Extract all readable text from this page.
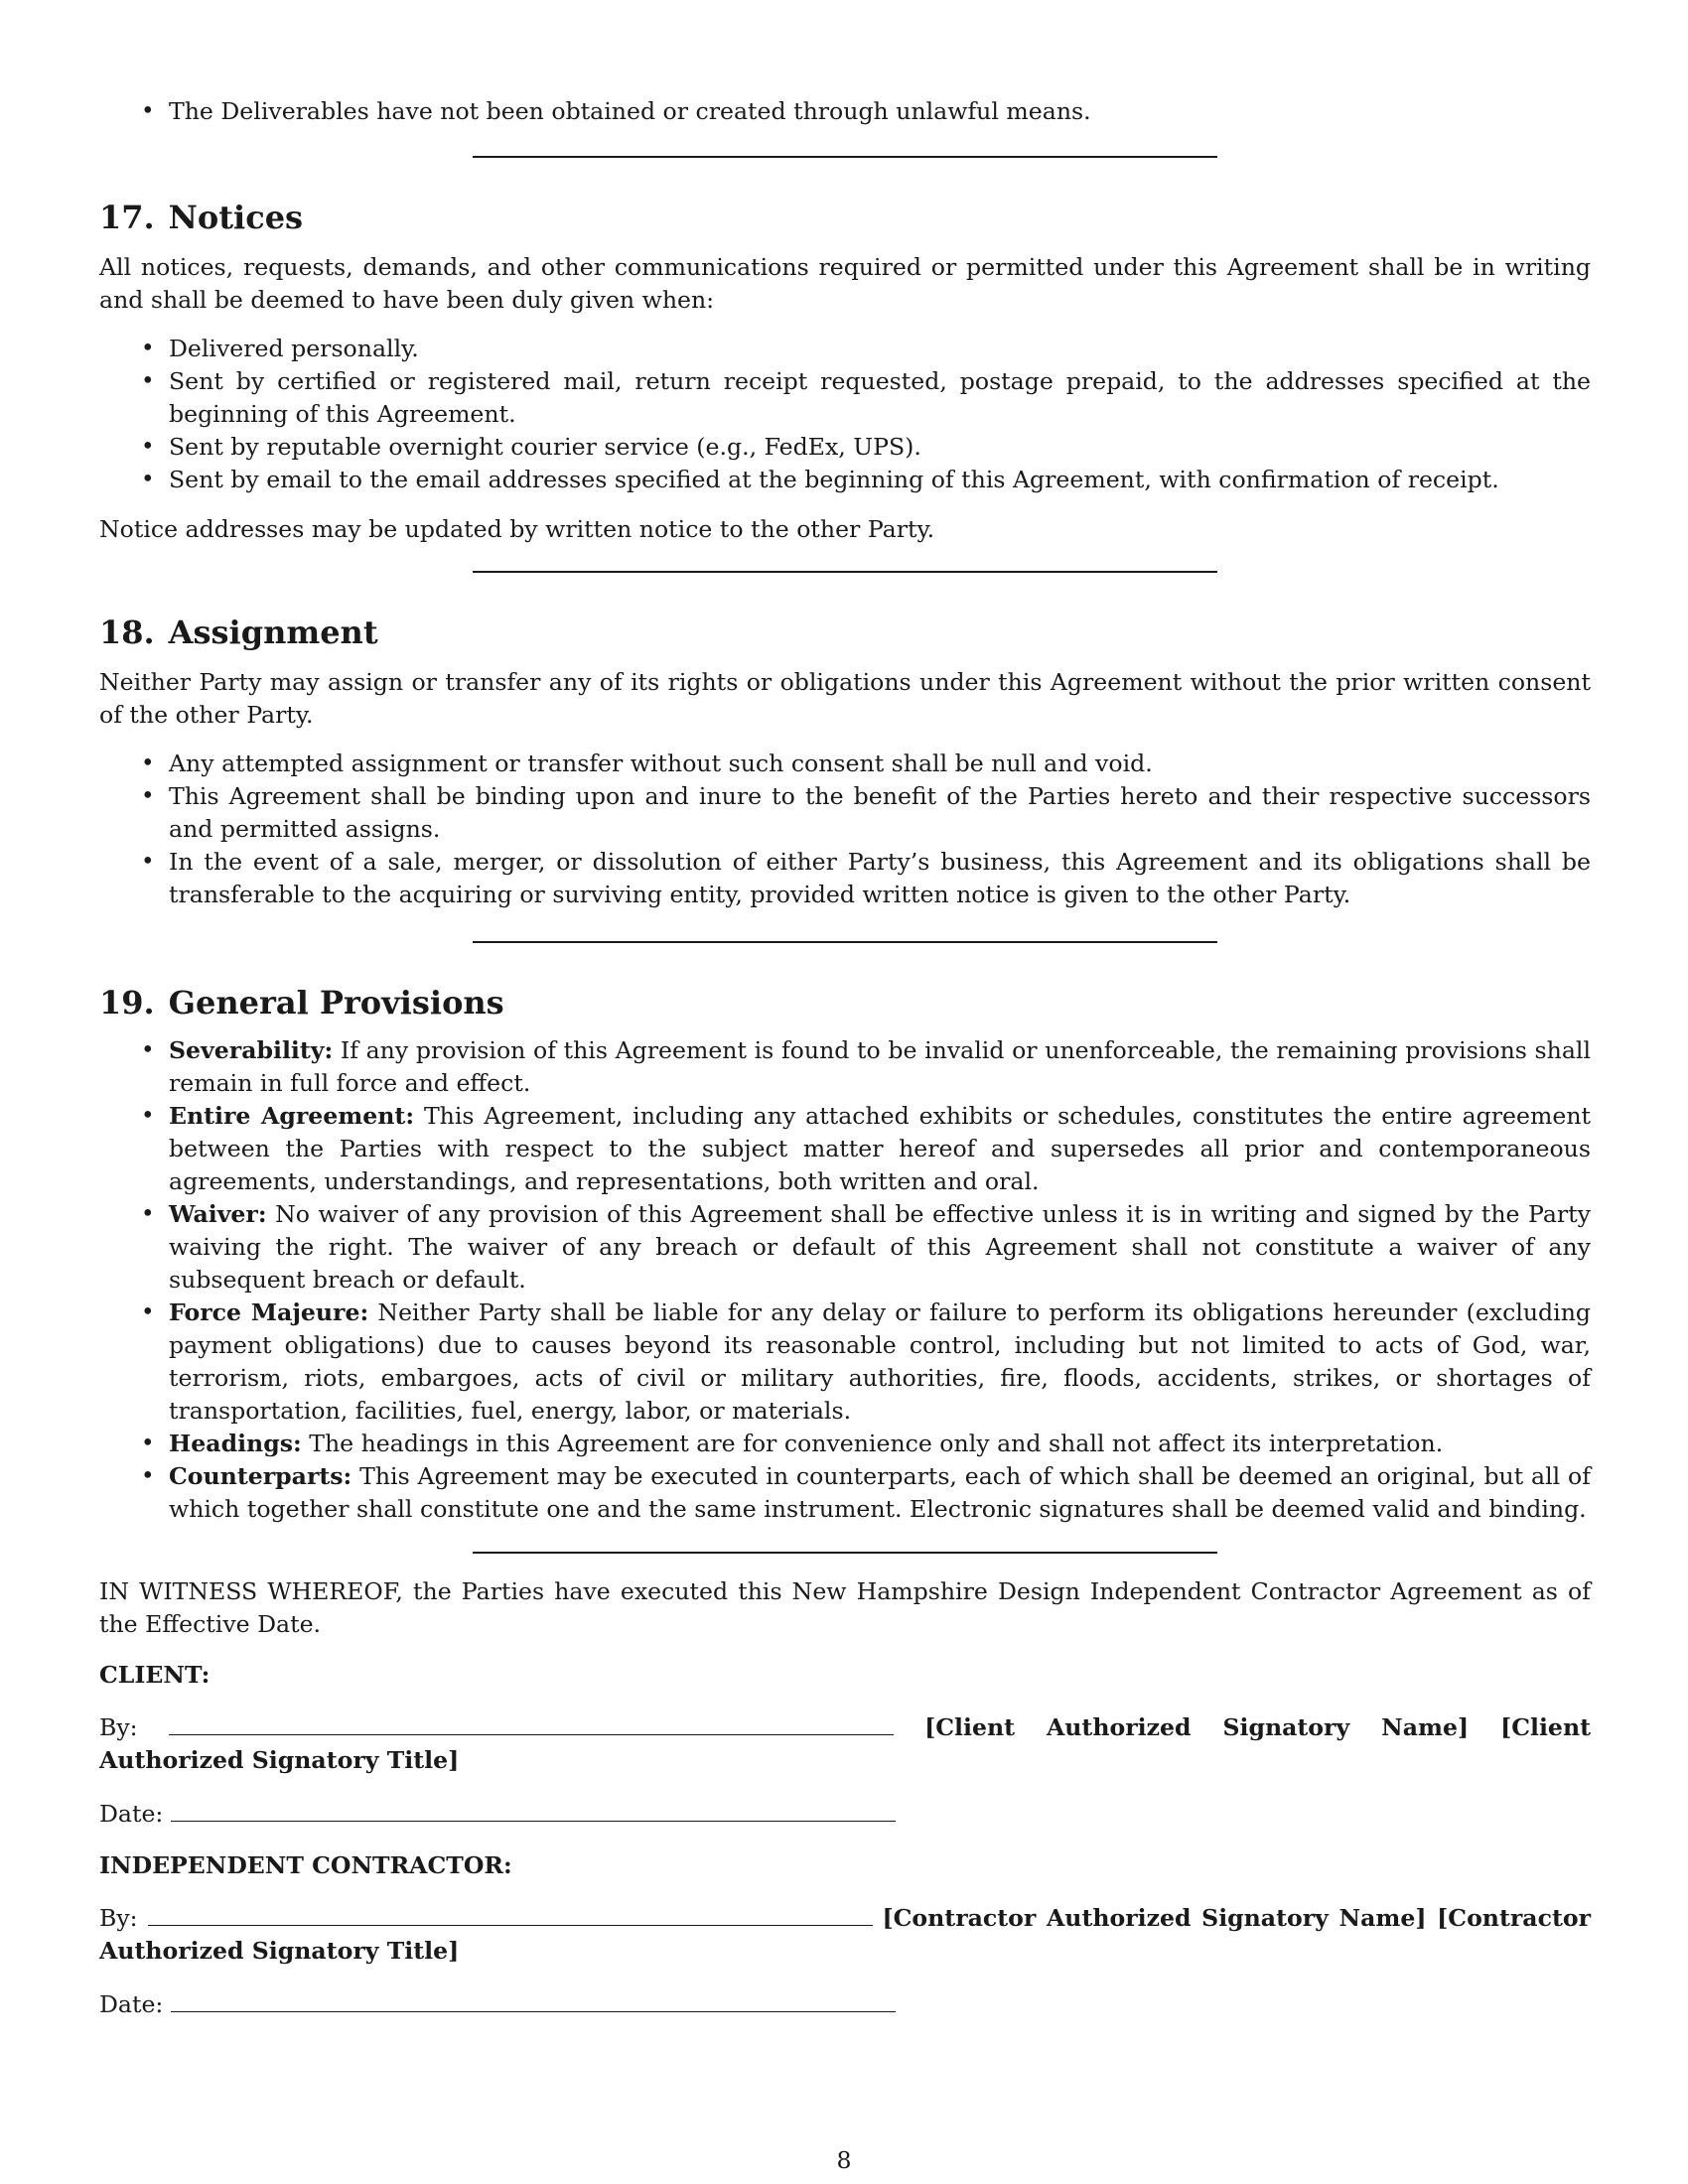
• The Deliverables have not been obtained or created through unlawful means.
17. Notices

All notices, requests, demands, and other communications required or permitted under this Agreement shall be in writing and shall be deemed to have been duly given when:

• Delivered personally.
• Sent by certified or registered mail, return receipt requested, postage prepaid, to the addresses specified at the beginning of this Agreement.
• Sent by reputable overnight courier service (e.g., FedEx, UPS).
• Sent by email to the email addresses specified at the beginning of this Agreement, with confirmation of receipt.

Notice addresses may be updated by written notice to the other Party.

18. Assignment

Neither Party may assign or transfer any of its rights or obligations under this Agreement without the prior written consent of the other Party.

• Any attempted assignment or transfer without such consent shall be null and void.
• This Agreement shall be binding upon and inure to the benefit of the Parties hereto and their respective successors and permitted assigns.
• In the event of a sale, merger, or dissolution of either Party’s business, this Agreement and its obligations shall be transferable to the acquiring or surviving entity, provided written notice is given to the other Party.
19. General Provisions
• Severability: If any provision of this Agreement is found to be invalid or unenforceable, the remaining provisions shall remain in full force and effect.
• Entire Agreement: This Agreement, including any attached exhibits or schedules, constitutes the entire agreement between the Parties with respect to the subject matter hereof and supersedes all prior and contemporaneous agreements, understandings, and representations, both written and oral.
• Waiver: No waiver of any provision of this Agreement shall be effective unless it is in writing and signed by the Party waiving the right. The waiver of any breach or default of this Agreement shall not constitute a waiver of any subsequent breach or default.
• Force Majeure: Neither Party shall be liable for any delay or failure to perform its obligations hereunder (excluding payment obligations) due to causes beyond its reasonable control, including but not limited to acts of God, war, terrorism, riots, embargoes, acts of civil or military authorities, fire, floods, accidents, strikes, or shortages of transportation, facilities, fuel, energy, labor, or materials.
• Headings: The headings in this Agreement are for convenience only and shall not affect its interpretation.
• Counterparts: This Agreement may be executed in counterparts, each of which shall be deemed an original, but all of which together shall constitute one and the same instrument. Electronic signatures shall be deemed valid and binding.

IN WITNESS WHEREOF, the Parties have executed this New Hampshire Design Independent Contractor Agreement as of the Effective Date.

CLIENT:

By:	[Client Authorized Signatory Name] [Client Authorized Signatory Title]

Date:

INDEPENDENT CONTRACTOR:

By:	[Contractor Authorized Signatory Name] [Contractor Authorized Signatory Title]

Date:

8
